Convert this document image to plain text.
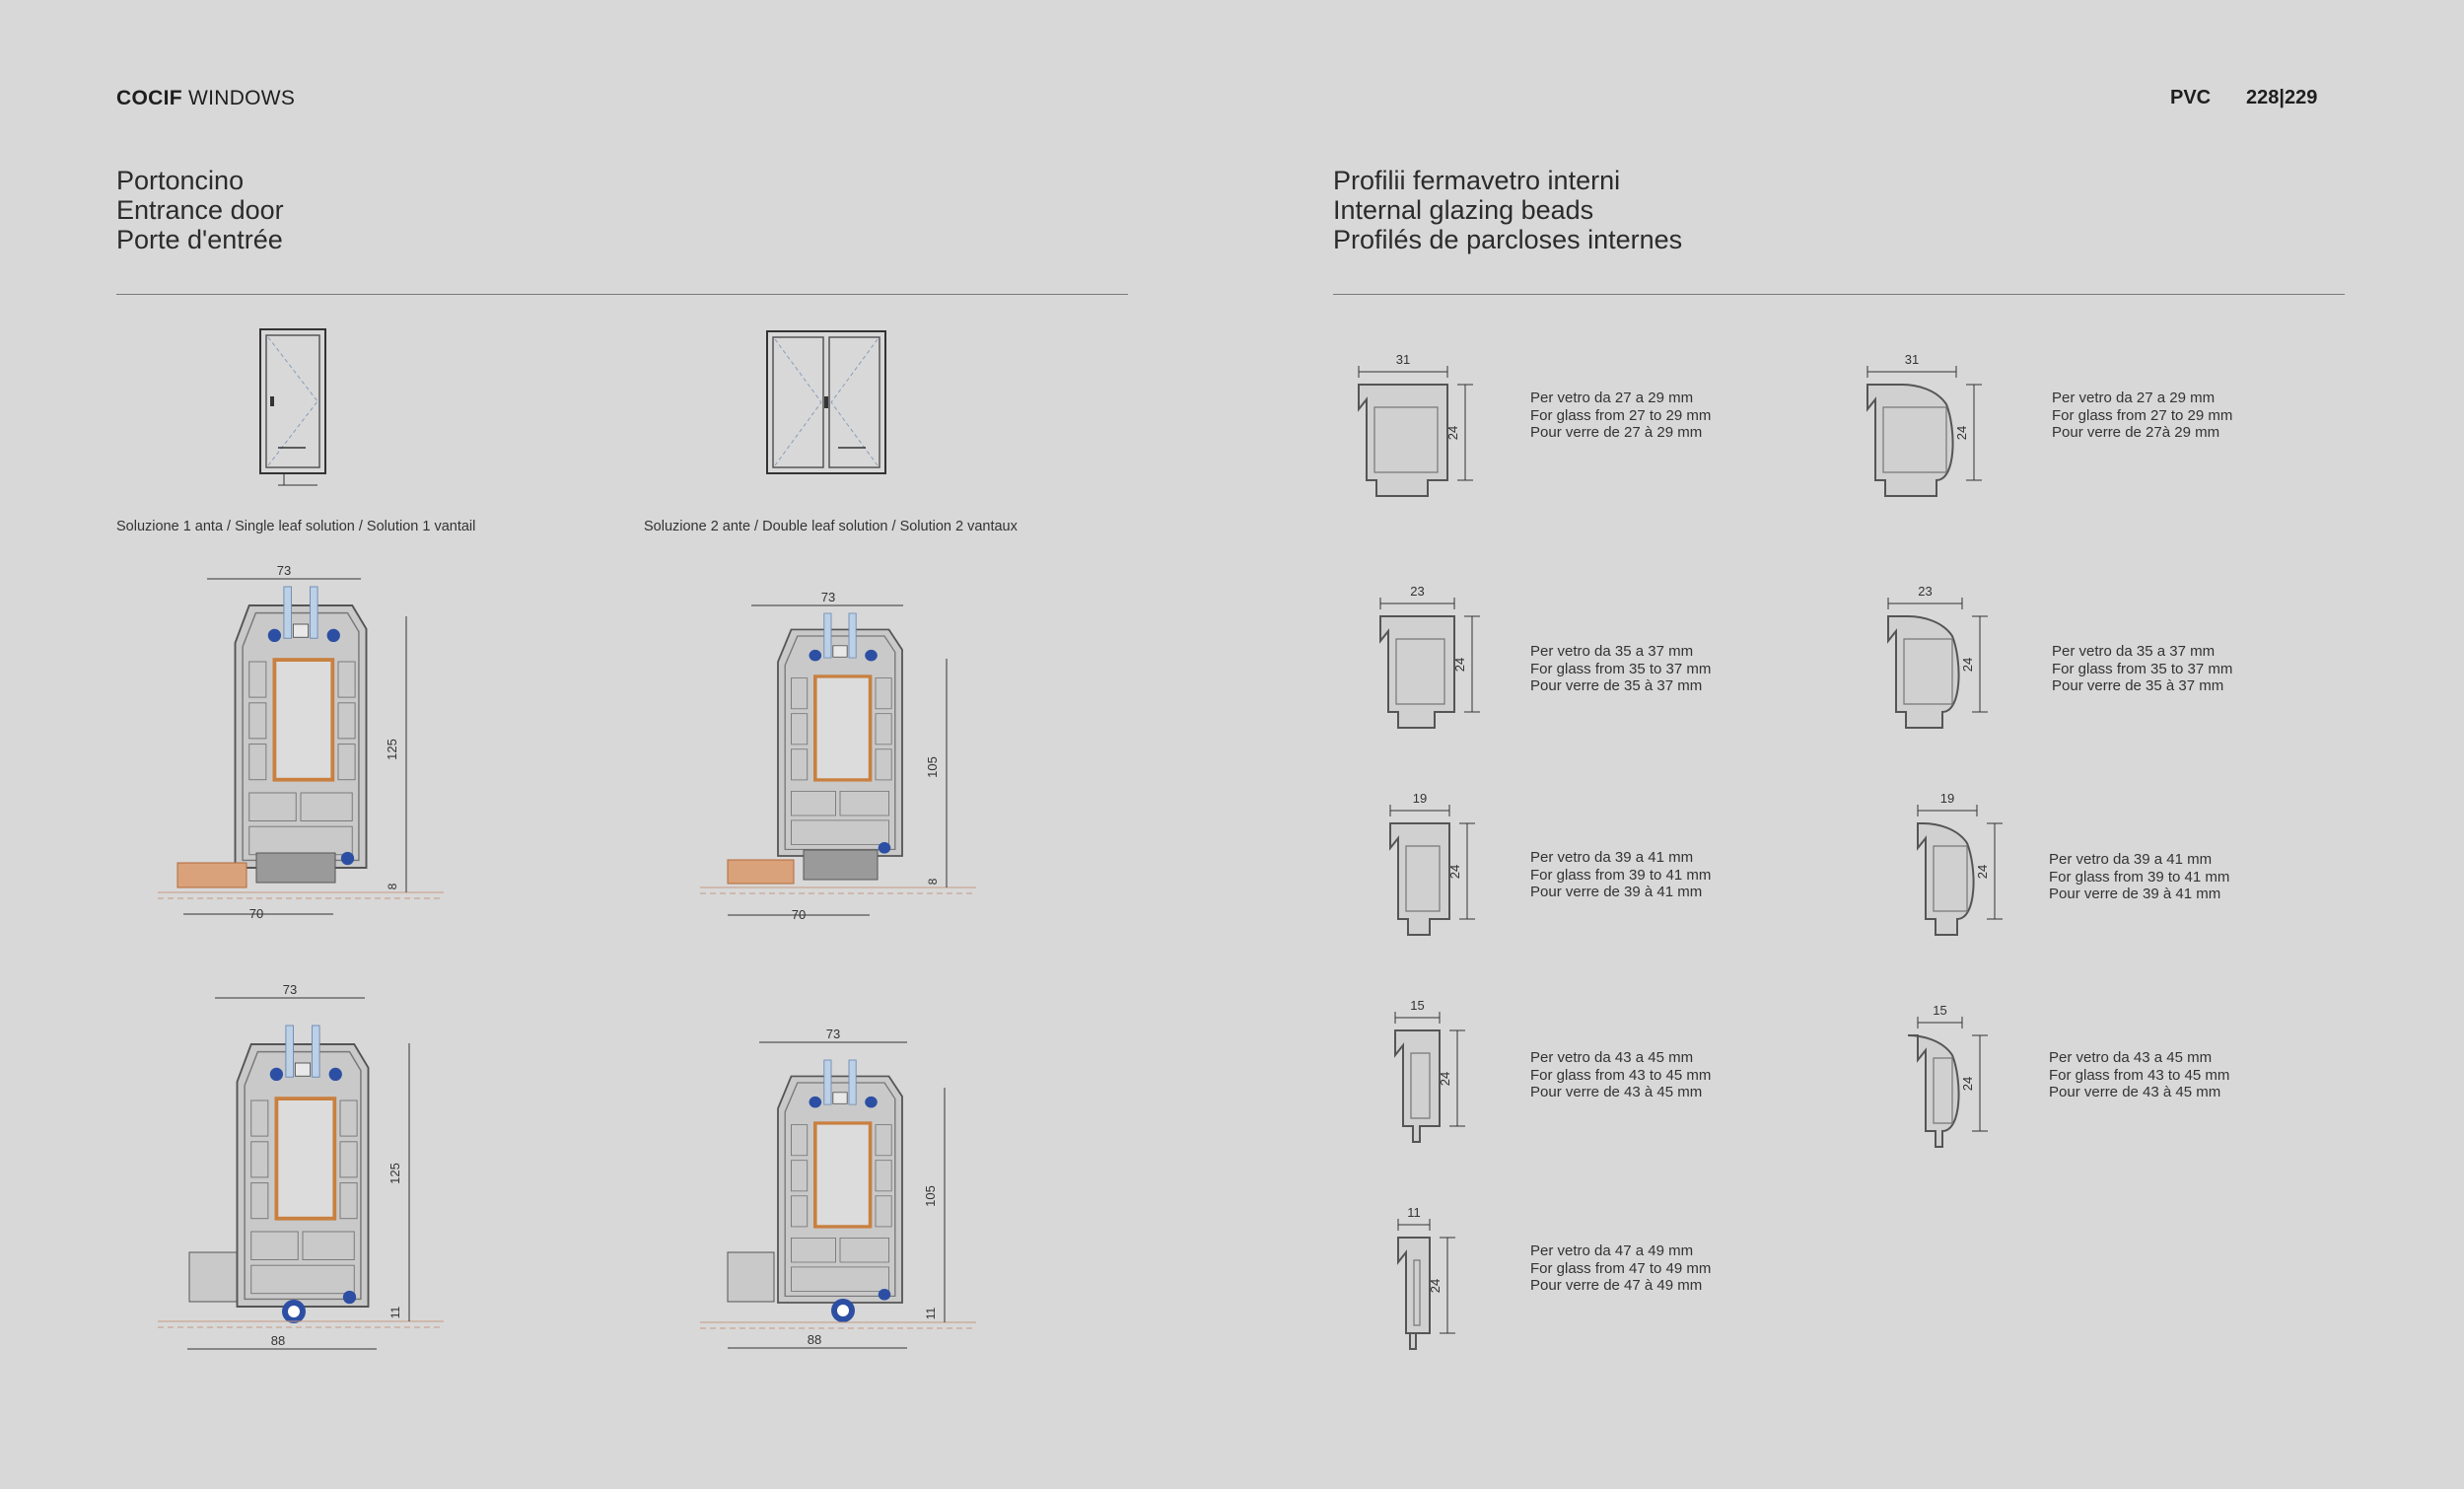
COCIF WINDOWS	PVC 228|229
Portoncino
Entrance door
Porte d'entrée
Profilii fermavetro interni
Internal glazing beads
Profilés de parcloses internes
Soluzione 1 anta / Single leaf solution / Solution 1 vantail	Soluzione 2 ante / Double leaf solution / Solution 2 vantaux
73
125
8
70
73
105
8
70
73
125
11
88
73
105
11
88
31
24
Per vetro da 27 a 29 mm
For glass from 27 to 29 mm
Pour verre de 27 à 29 mm
31
24
Per vetro da 27 a 29 mm
For glass from 27 to 29 mm
Pour verre de 27à 29 mm
23
24
Per vetro da 35 a 37 mm
For glass from 35 to 37 mm
Pour verre de 35 à 37 mm
23
24
Per vetro da 35 a 37 mm
For glass from 35 to 37 mm
Pour verre de 35 à 37 mm
19
24
Per vetro da 39 a 41 mm
For glass from 39 to 41 mm
Pour verre de 39 à 41 mm
19
24
Per vetro da 39 a 41 mm
For glass from 39 to 41 mm
Pour verre de 39 à 41 mm
15
24
Per vetro da 43 a 45 mm
For glass from 43 to 45 mm
Pour verre de 43 à 45 mm
15
24
Per vetro da 43 a 45 mm
For glass from 43 to 45 mm
Pour verre de 43 à 45 mm
11
24
Per vetro da 47 a 49 mm
For glass from 47 to 49 mm
Pour verre de 47 à 49 mm
